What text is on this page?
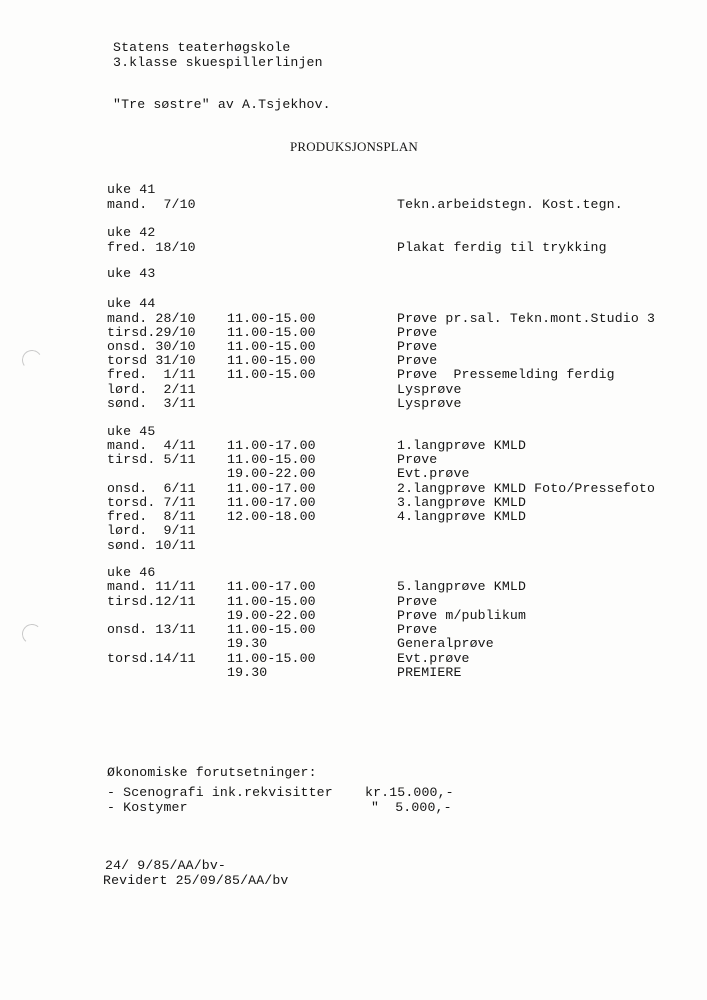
Statens teaterhøgskole
3.klasse skuespillerlinjen
"Tre søstre" av A.Tsjekhov.
PRODUKSJONSPLAN
uke 41
mand.  7/10	Tekn.arbeidstegn. Kost.tegn.
uke 42
fred. 18/10	Plakat ferdig til trykking
uke 43
uke 44
mand. 28/10 11.00-15.00	Prøve pr.sal. Tekn.mont.Studio 3
tirsd.29/10 11.00-15.00	Prøve
onsd. 30/10 11.00-15.00	Prøve
torsd 31/10 11.00-15.00	Prøve
fred.  1/11 11.00-15.00	Prøve  Pressemelding ferdig
lørd.  2/11	Lysprøve
sønd.  3/11	Lysprøve
uke 45
mand.  4/11 11.00-17.00	1.langprøve KMLD
tirsd. 5/11 11.00-15.00	Prøve
19.00-22.00	Evt.prøve
onsd.  6/11 11.00-17.00	2.langprøve KMLD Foto/Pressefoto
torsd. 7/11 11.00-17.00	3.langprøve KMLD
fred.  8/11 12.00-18.00	4.langprøve KMLD
lørd.  9/11
sønd. 10/11
uke 46
mand. 11/11 11.00-17.00	5.langprøve KMLD
tirsd.12/11 11.00-15.00	Prøve
19.00-22.00	Prøve m/publikum
onsd. 13/11 11.00-15.00	Prøve
19.30	Generalprøve
torsd.14/11 11.00-15.00	Evt.prøve
19.30	PREMIERE
Økonomiske forutsetninger:
- Scenografi ink.rekvisitter kr.15.000,-
- Kostymer	"  5.000,-
24/ 9/85/AA/bv-
Revidert 25/09/85/AA/bv
